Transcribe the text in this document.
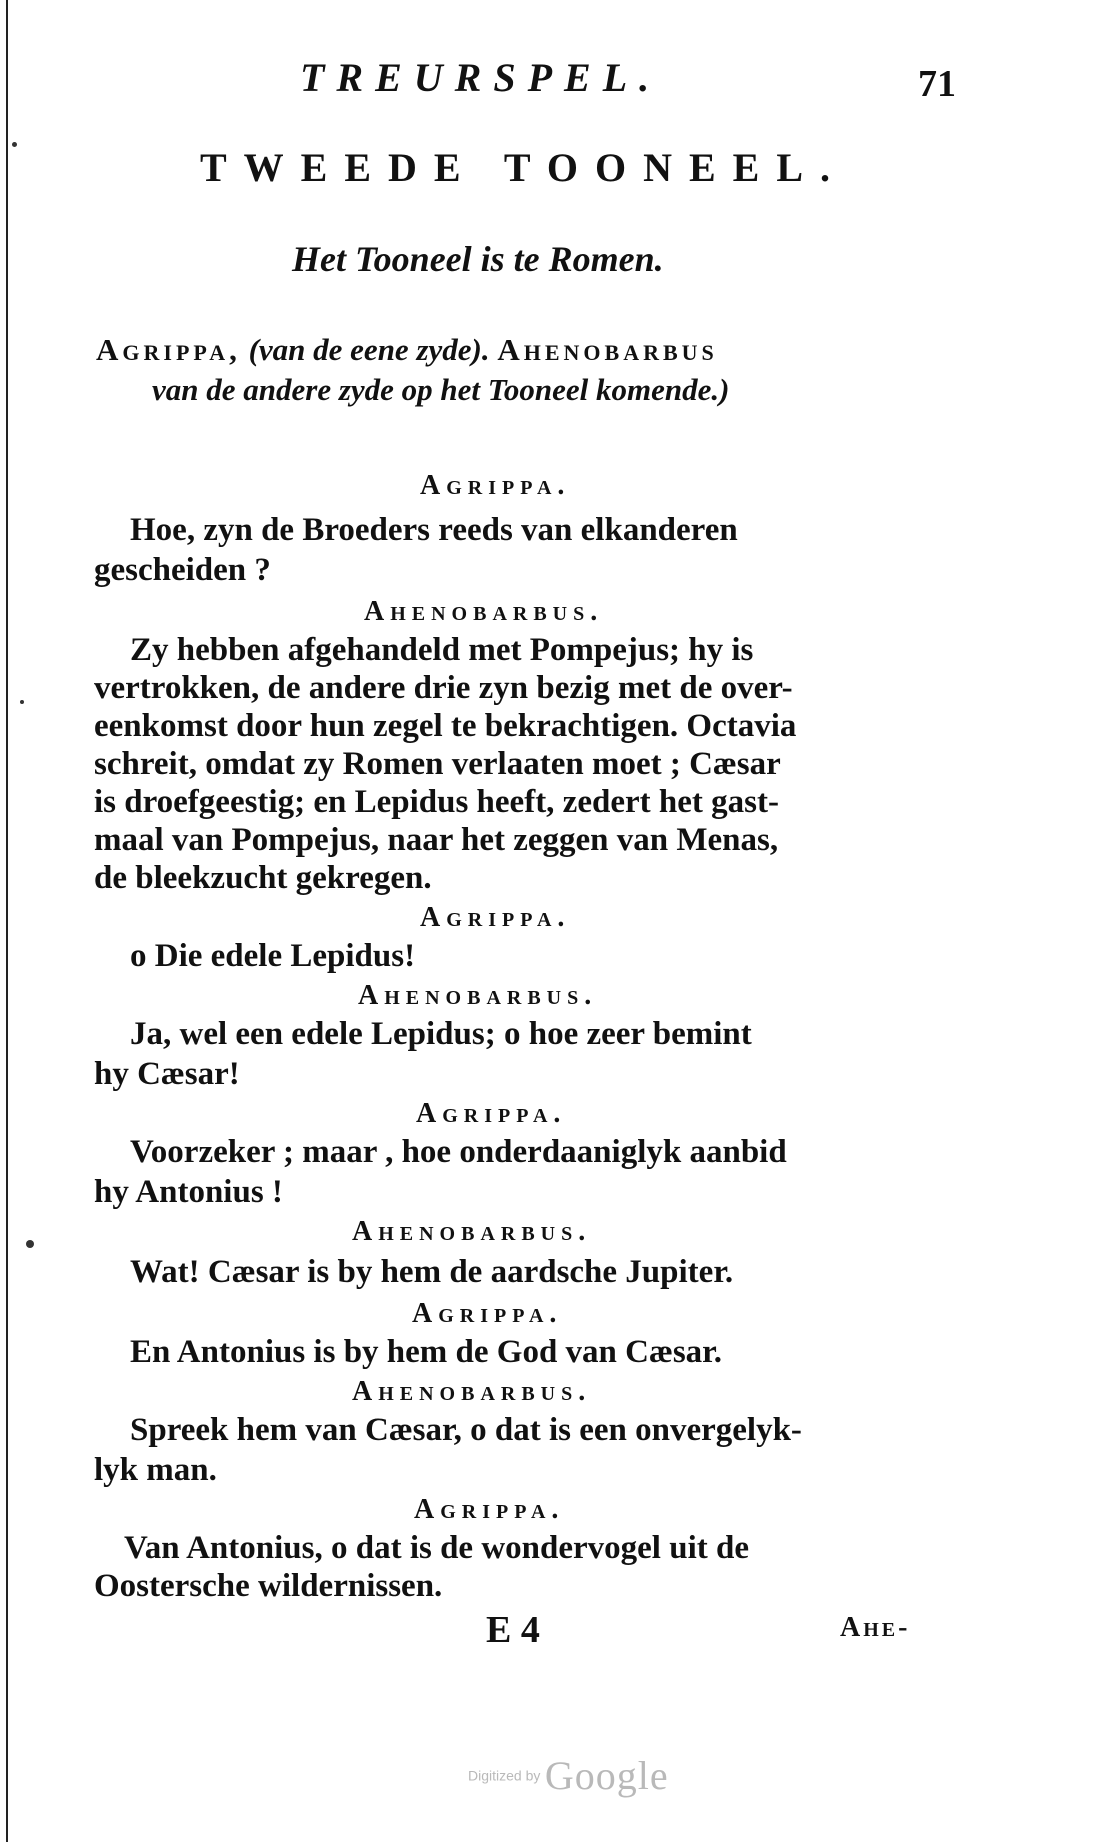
TREURSPEL.	71
TWEEDE TOONEEL.
Het Tooneel is te Romen.
Agrippa, (van de eene zyde). Ahenobarbus
van de andere zyde op het Tooneel komende.)
Agrippa.
Hoe, zyn de Broeders reeds van elkanderen
gescheiden ?
Ahenobarbus.
Zy hebben afgehandeld met Pompejus; hy is
vertrokken, de andere drie zyn bezig met de over-
eenkomst door hun zegel te bekrachtigen. Octavia
schreit, omdat zy Romen verlaaten moet ; Cæsar
is droefgeestig; en Lepidus heeft, zedert het gast-
maal van Pompejus, naar het zeggen van Menas,
de bleekzucht gekregen.
Agrippa.
o Die edele Lepidus!
Ahenobarbus.
Ja, wel een edele Lepidus; o hoe zeer bemint
hy Cæsar!
Agrippa.
Voorzeker ; maar , hoe onderdaaniglyk aanbid
hy Antonius !
Ahenobarbus.
Wat! Cæsar is by hem de aardsche Jupiter.
Agrippa.
En Antonius is by hem de God van Cæsar.
Ahenobarbus.
Spreek hem van Cæsar, o dat is een onvergelyk-
lyk man.
Agrippa.
Van Antonius, o dat is de wondervogel uit de
Oostersche wildernissen.
E 4	Ahe-
Digitized by Google
